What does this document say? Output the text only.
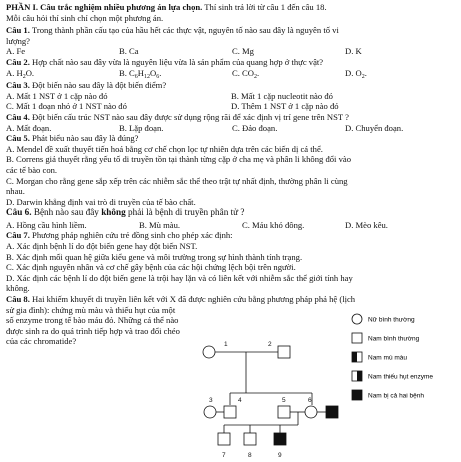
PHẦN I. Câu trắc nghiệm nhiều phương án lựa chọn. Thí sinh trả lời từ câu 1 đến câu 18.
Mỗi câu hỏi thí sinh chỉ chọn một phương án.
Câu 1. Trong thành phần cấu tạo của hầu hết các thực vật, nguyên tố nào sau đây là nguyên tố vi
lượng?
A. Fe	B. Ca	C. Mg	D. K
Câu 2. Hợp chất nào sau đây vừa là nguyên liệu vừa là sản phẩm của quang hợp ở thực vật?
A. $H_2O$.	B. $C_6H_{12}O_6$.	C. $CO_2$.	D. $O_2$.
Câu 3. Đột biến nào sau đây là đột biến điểm?
A. Mất 1 NST ở 1 cặp nào đó	B. Mất 1 cặp nucleotit nào đó
C. Mất 1 đoạn nhỏ ở 1 NST nào đó	D. Thêm 1 NST ở 1 cặp nào đó
Câu 4. Đột biến cấu trúc NST nào sau đây được sử dụng rộng rãi để xác định vị trí gene trên NST ?
A. Mất đoạn.	B. Lặp đoạn.	C. Đảo đoạn.	D. Chuyển đoạn.
Câu 5. Phát biểu nào sau đây là đúng?
A. Mendel đề xuất thuyết tiến hoá bằng cơ chế chọn lọc tự nhiên dựa trên các biến dị cá thể.
B. Correns giả thuyết rằng yếu tố di truyền tồn tại thành từng cặp ở cha mẹ và phân li không đổi vào
các tế bào con.
C. Morgan cho rằng gene sắp xếp trên các nhiễm sắc thể theo trật tự nhất định, thường phân li cùng
nhau.
D. Darwin khẳng định vai trò di truyền của tế bào chất.
Câu 6. Bệnh nào sau đây không phải là bệnh di truyền phân tử ?
A. Hồng cầu hình liềm.	B. Mù màu.	C. Máu khó đông.	D. Mèo kêu.
Câu 7. Phương pháp nghiên cứu trẻ đồng sinh cho phép xác định:
A. Xác định bệnh lí do đột biến gene hay đột biến NST.
B. Xác định mối quan hệ giữa kiểu gene và môi trường trong sự hình thành tính trạng.
C. Xác định nguyên nhân và cơ chế gây bệnh của các hội chứng lệch bội trên người.
D. Xác định các bệnh lí do đột biến gene là trội hay lặn và có liên kết với nhiễm sắc thể giới tính hay
không.
Câu 8. Hai khiếm khuyết di truyền liên kết với X đã được nghiên cứu bằng phương pháp phả hệ (lịch
sử gia đình): chứng mù màu và thiếu hụt của một số enzyme trong tế bào máu đỏ. Những cá thể nào được sinh ra do quá trình tiếp hợp và trao đổi chéo của các chromatide?	1	2
3	4	5	6
7	8	9
Nữ bình thường
Nam bình thường
Nam mù màu
Nam thiếu hụt enzyme
Nam bị cả hai bệnh
